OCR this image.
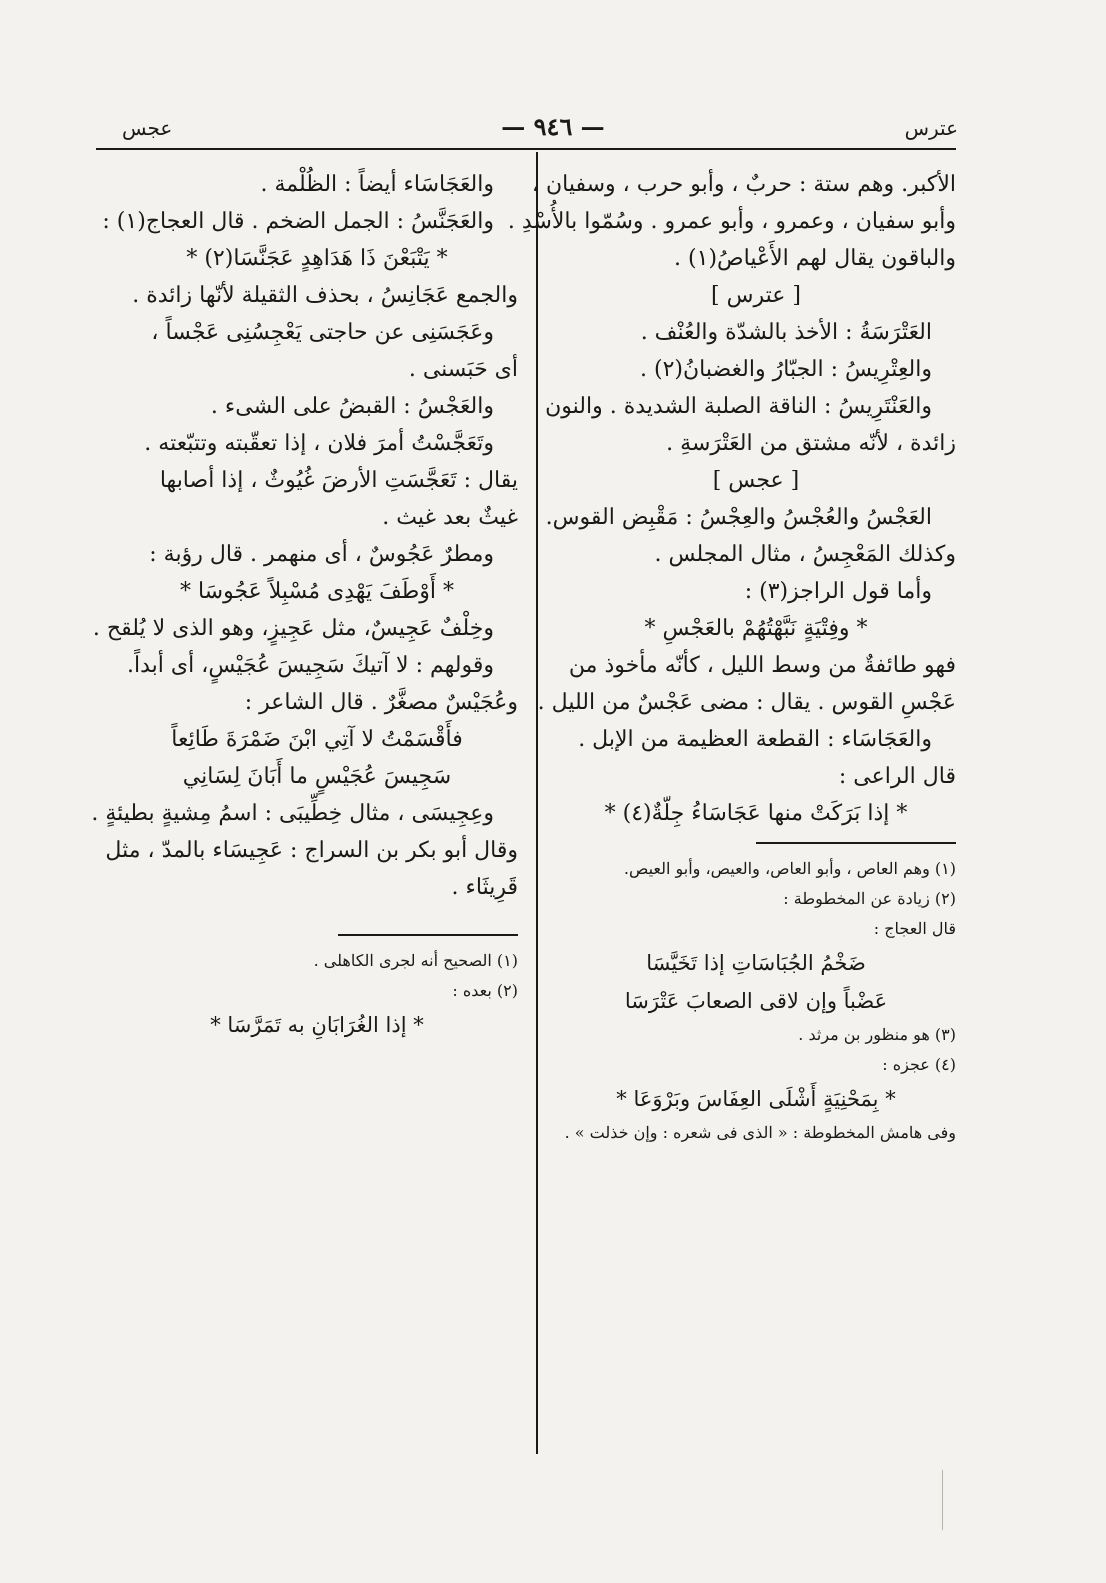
عترس
— ٩٤٦ —
عجس
الأكبر. وهم ستة : حربٌ ، وأبو حرب ، وسفيان ،
وأبو سفيان ، وعمرو ، وأبو عمرو . وسُمّوا بالأُسْدِ .
والباقون يقال لهم الأَعْياصُ(١) .
[ عترس ]
العَتْرَسَةُ : الأخذ بالشدّة والعُنْف .
والعِتْرِيسُ : الجبّارُ والغضبانُ(٢) .
والعَنْتَرِيسُ : الناقة الصلبة الشديدة . والنون
زائدة ، لأنّه مشتق من العَتْرَسةِ .
[ عجس ]
العَجْسُ والعُجْسُ والعِجْسُ : مَقْبِض القوس.
وكذلك المَعْجِسُ ، مثال المجلس .
وأما قول الراجز(٣) :
* وفِتْيَةٍ نَبَّهْتُهُمْ بالعَجْسِ *
فهو طائفةٌ من وسط الليل ، كأنّه مأخوذ من
عَجْسِ القوس . يقال : مضى عَجْسٌ من الليل .
والعَجَاسَاء : القطعة العظيمة من الإبل .
قال الراعى :
* إذا بَرَكَتْ منها عَجَاسَاءُ جِلّةٌ(٤) *
(١) وهم العاص ، وأبو العاص، والعيص، وأبو العيص.
(٢) زيادة عن المخطوطة :
قال العجاج :
ضَخْمُ الجُبَاسَاتِ إذا تَخَيَّسَا
عَضْباً وإن لاقى الصعابَ عَتْرَسَا
(٣) هو منظور بن مرثد .
(٤) عجزه :
* بِمَحْنِيَةٍ أَشْلَى العِفَاسَ وبَرْوَعَا *
وفى هامش المخطوطة : « الذى فى شعره : وإن خذلت » .
والعَجَاسَاء أيضاً : الظُلْمة .
والعَجَنَّسُ : الجمل الضخم . قال العجاج(١) :
* يَتْبَعْنَ ذَا هَدَاهِدٍ عَجَنَّسَا(٢) *
والجمع عَجَانِسُ ، بحذف الثقيلة لأنّها زائدة .
وعَجَسَنِى عن حاجتى يَعْجِسُنِى عَجْساً ،
أى حَبَسنى .
والعَجْسُ : القبضُ على الشىء .
وتَعَجَّسْتُ أمرَ فلان ، إذا تعقّبته وتتبّعته .
يقال : تَعَجَّسَتِ الأرضَ غُيُوثٌ ، إذا أصابها
غيثٌ بعد غيث .
ومطرٌ عَجُوسٌ ، أى منهمر . قال رؤبة :
* أَوْطَفَ يَهْدِى مُسْبِلاً عَجُوسَا *
وخِلْفٌ عَجِيسٌ، مثل عَجِيزٍ، وهو الذى لا يُلقح .
وقولهم : لا آتيكَ سَجِيسَ عُجَيْسٍ، أى أبداً.
وعُجَيْسٌ مصغَّرٌ . قال الشاعر :
فأَقْسَمْتُ لا آتِي ابْنَ ضَمْرَةَ طَائِعاً
سَجِيسَ عُجَيْسٍ ما أَبَانَ لِسَانِي
وعِجِيسَى ، مثال خِطِّيبَى : اسمُ مِشيةٍ بطيئةٍ .
وقال أبو بكر بن السراج : عَجِيسَاء بالمدّ ، مثل
قَرِيثَاء .
(١) الصحيح أنه لجرى الكاهلى .
(٢) بعده :
* إذا الغُرَابَانِ به تَمَرَّسَا *
